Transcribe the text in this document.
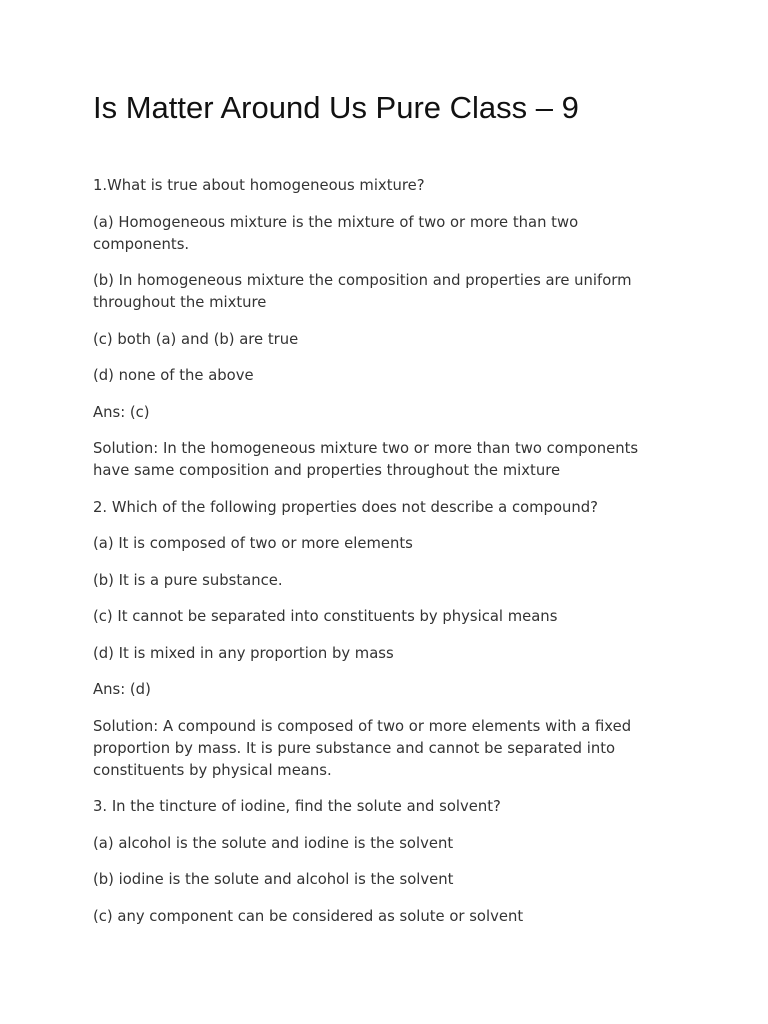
Is Matter Around Us Pure Class – 9

1.What is true about homogeneous mixture?

(a) Homogeneous mixture is the mixture of two or more than two components.

(b) In homogeneous mixture the composition and properties are uniform throughout the mixture

(c) both (a) and (b) are true

(d) none of the above

Ans: (c)

Solution: In the homogeneous mixture two or more than two components have same composition and properties throughout the mixture

2. Which of the following properties does not describe a compound?

(a) It is composed of two or more elements

(b) It is a pure substance.

(c) It cannot be separated into constituents by physical means

(d) It is mixed in any proportion by mass

Ans: (d)

Solution: A compound is composed of two or more elements with a fixed proportion by mass. It is pure substance and cannot be separated into constituents by physical means.

3. In the tincture of iodine, find the solute and solvent?

(a) alcohol is the solute and iodine is the solvent

(b) iodine is the solute and alcohol is the solvent

(c) any component can be considered as solute or solvent
